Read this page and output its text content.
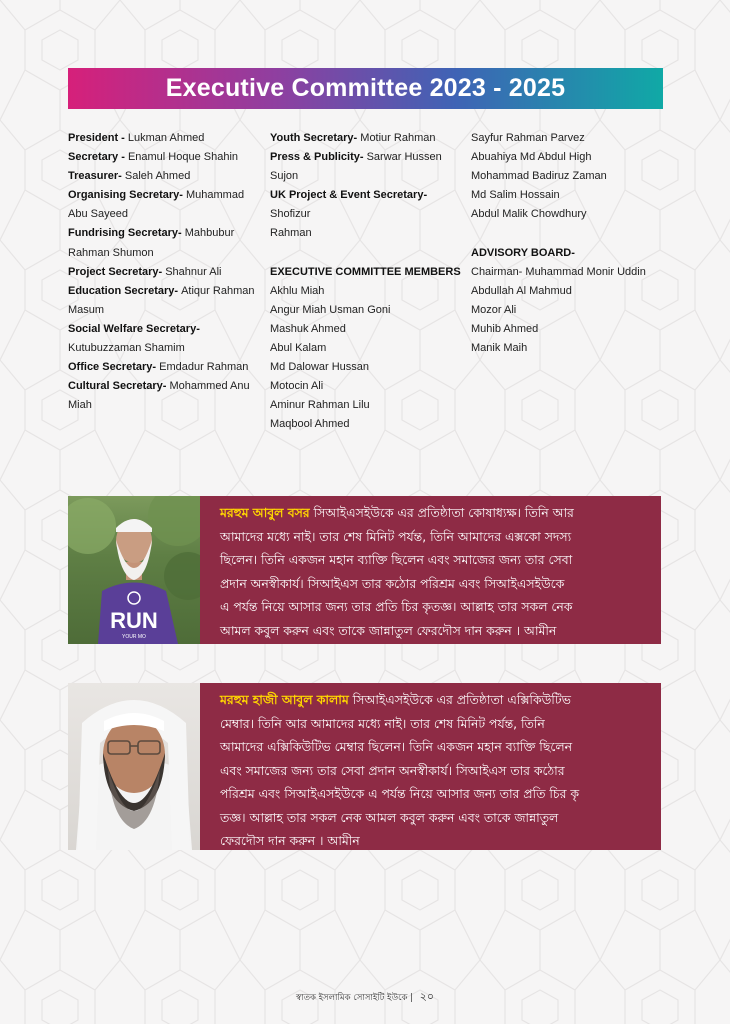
Executive Committee 2023 - 2025
President - Lukman Ahmed
Secretary - Enamul Hoque Shahin
Treasurer- Saleh Ahmed
Organising Secretary- Muhammad
Abu Sayeed
Fundrising Secretary- Mahbubur
Rahman Shumon
Project Secretary- Shahnur Ali
Education Secretary- Atiqur Rahman
Masum
Social Welfare Secretary-
Kutubuzzaman Shamim
Office Secretary- Emdadur Rahman
Cultural Secretary- Mohammed Anu
Miah
Youth Secretary- Motiur Rahman
Press & Publicity- Sarwar Hussen
Sujon
UK Project & Event Secretary- Shofizur
Rahman
EXECUTIVE COMMITTEE MEMBERS
Akhlu Miah
Angur Miah Usman Goni
Mashuk Ahmed
Abul Kalam
Md Dalowar Hussan
Motocin Ali
Aminur Rahman Lilu
Maqbool Ahmed
Sayfur Rahman Parvez
Abuahiya Md Abdul High
Mohammad Badiruz Zaman
Md Salim Hossain
Abdul Malik Chowdhury
ADVISORY BOARD-
Chairman- Muhammad Monir Uddin
Abdullah Al Mahmud
Mozor Ali
Muhib Ahmed
Manik Maih
RUN
YOUR MO
মরহুম আবুল বসর সিআইএসইউকে এর প্রতিষ্ঠাতা কোষাধ্যক্ষ। তিনি আর
আমাদের মধ্যে নাই। তার শেষ মিনিট পর্যন্ত, তিনি আমাদের এক্সকো সদস্য
ছিলেন। তিনি একজন মহান ব্যাক্তি ছিলেন এবং সমাজের জন্য তার সেবা
প্রদান অনস্বীকার্য। সিআইএস তার কঠোর পরিশ্রম এবং সিআইএসইউকে
এ পর্যন্ত নিয়ে আসার জন্য তার প্রতি চির কৃতজ্ঞ। আল্লাহ তার সকল নেক
আমল কবুল করুন এবং তাকে জান্নাতুল ফেরদৌস দান করুন । আমীন
মরহুম হাজী আবুল কালাম সিআইএসইউকে এর প্রতিষ্ঠাতা এক্সিকিউটিভ
মেম্বার। তিনি আর আমাদের মধ্যে নাই। তার শেষ মিনিট পর্যন্ত, তিনি
আমাদের এক্সিকিউটিভ মেম্বার ছিলেন। তিনি একজন মহান ব্যাক্তি ছিলেন
এবং সমাজের জন্য তার সেবা প্রদান অনস্বীকার্য। সিআইএস তার কঠোর
পরিশ্রম এবং সিআইএসইউকে এ পর্যন্ত নিয়ে আসার জন্য তার প্রতি চির কৃ
তজ্ঞ। আল্লাহ তার সকল নেক আমল কবুল করুন এবং তাকে জান্নাতুল
ফেরদৌস দান করুন । আমীন
স্বাতক ইসলামিক সোসাইটি ইউকে | ২০
